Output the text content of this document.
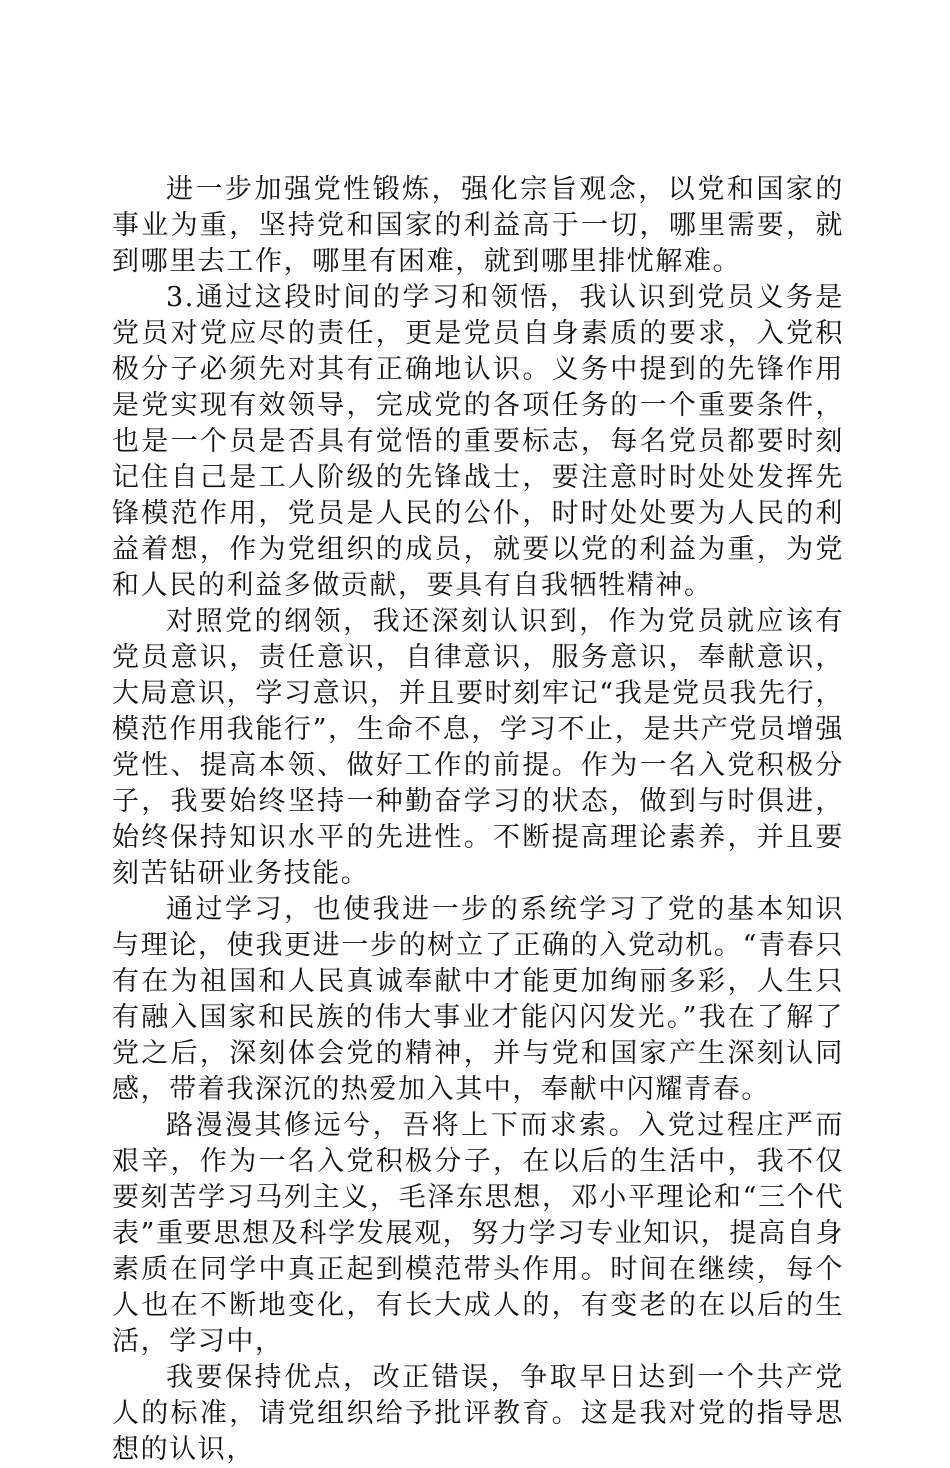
进一步加强党性锻炼，强化宗旨观念，以党和国家的事业为重，坚持党和国家的利益高于一切，哪里需要，就到哪里去工作，哪里有困难，就到哪里排忧解难。

3.通过这段时间的学习和领悟，我认识到党员义务是党员对党应尽的责任，更是党员自身素质的要求，入党积极分子必须先对其有正确地认识。义务中提到的先锋作用是党实现有效领导，完成党的各项任务的一个重要条件，也是一个员是否具有觉悟的重要标志，每名党员都要时刻记住自己是工人阶级的先锋战士，要注意时时处处发挥先锋模范作用，党员是人民的公仆，时时处处要为人民的利益着想，作为党组织的成员，就要以党的利益为重，为党和人民的利益多做贡献，要具有自我牺牲精神。

对照党的纲领，我还深刻认识到，作为党员就应该有党员意识，责任意识，自律意识，服务意识，奉献意识，大局意识，学习意识，并且要时刻牢记“我是党员我先行，模范作用我能行”，生命不息，学习不止，是共产党员增强党性、提高本领、做好工作的前提。作为一名入党积极分子，我要始终坚持一种勤奋学习的状态，做到与时俱进，始终保持知识水平的先进性。不断提高理论素养，并且要刻苦钻研业务技能。

通过学习，也使我进一步的系统学习了党的基本知识与理论，使我更进一步的树立了正确的入党动机。“青春只有在为祖国和人民真诚奉献中才能更加绚丽多彩，人生只有融入国家和民族的伟大事业才能闪闪发光。”我在了解了党之后，深刻体会党的精神，并与党和国家产生深刻认同感，带着我深沉的热爱加入其中，奉献中闪耀青春。

路漫漫其修远兮，吾将上下而求索。入党过程庄严而艰辛，作为一名入党积极分子，在以后的生活中，我不仅要刻苦学习马列主义，毛泽东思想，邓小平理论和“三个代表”重要思想及科学发展观，努力学习专业知识，提高自身素质在同学中真正起到模范带头作用。时间在继续，每个人也在不断地变化，有长大成人的，有变老的在以后的生活，学习中，

我要保持优点，改正错误，争取早日达到一个共产党人的标准，请党组织给予批评教育。这是我对党的指导思想的认识，
